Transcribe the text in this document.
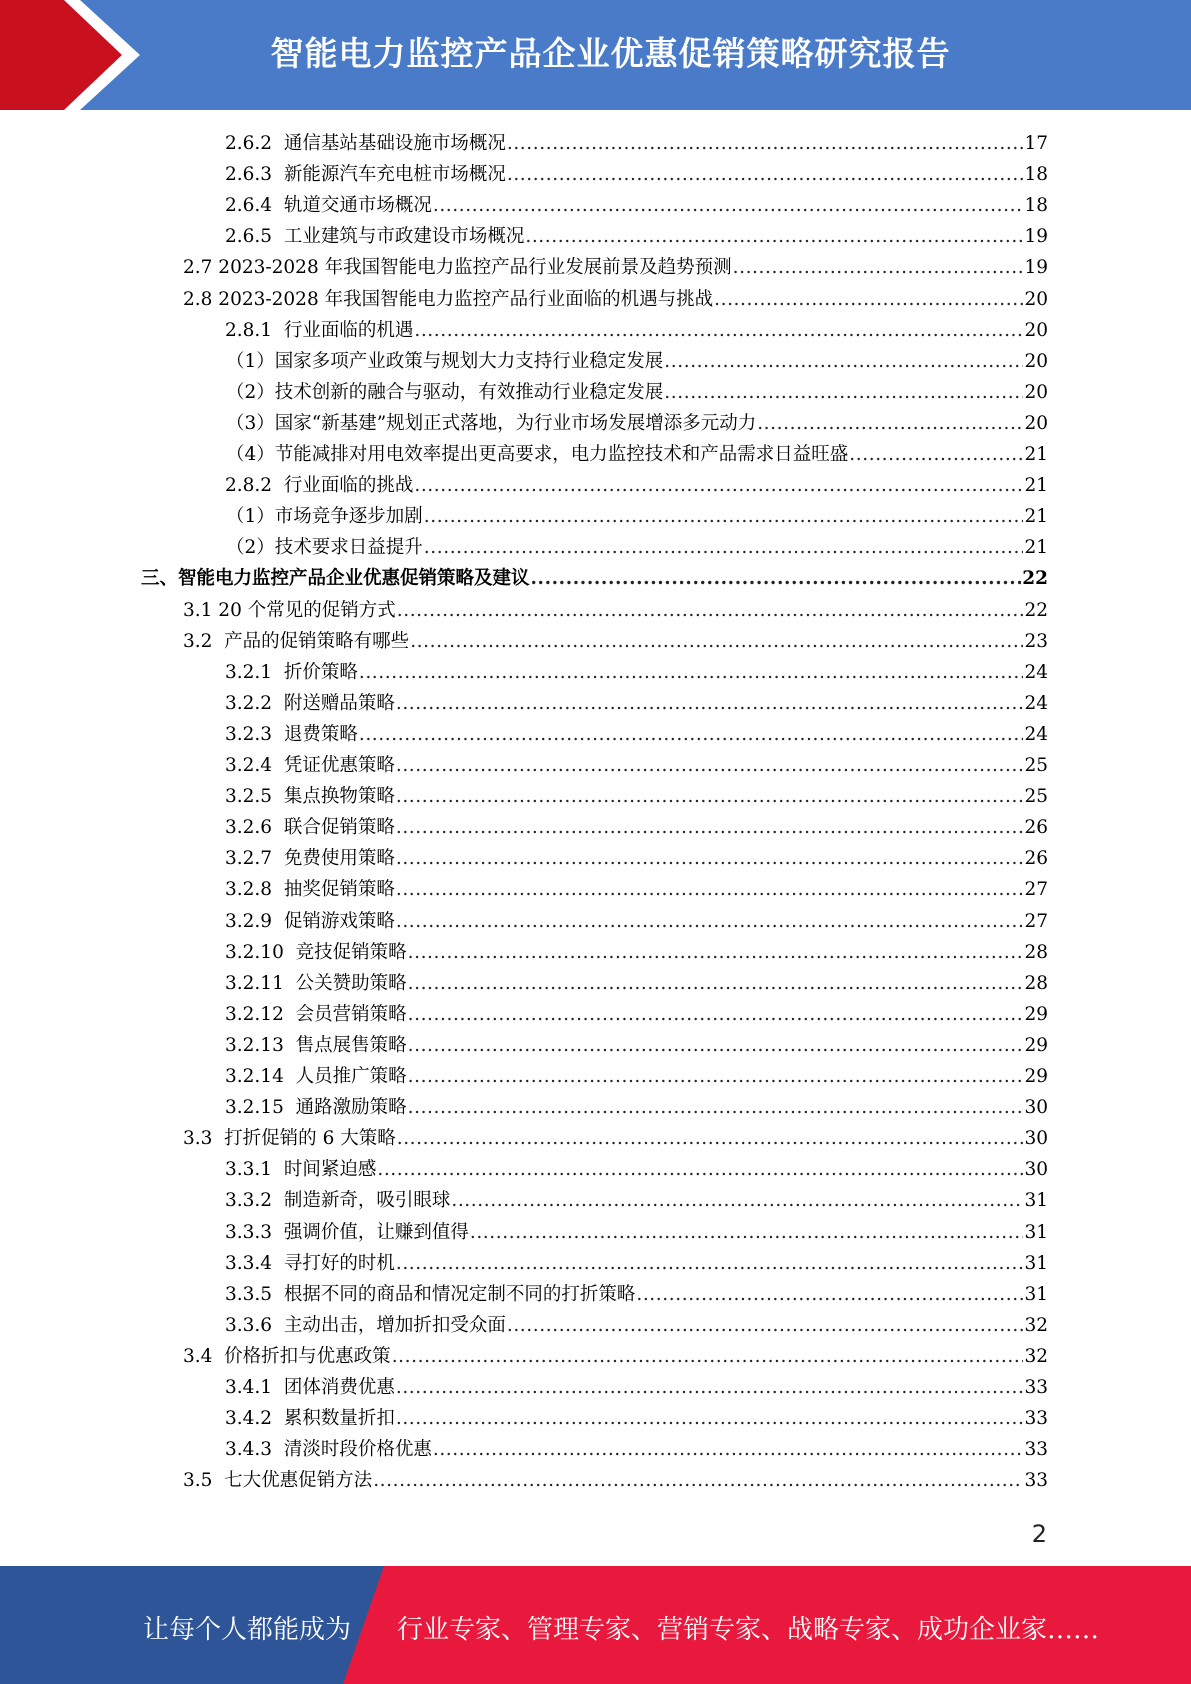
智能电力监控产品企业优惠促销策略研究报告
2.6.2  通信基站基础设施市场概况 .....	17
2.6.3  新能源汽车充电桩市场概况 .....	18
2.6.4  轨道交通市场概况 .....	18
2.6.5  工业建筑与市政建设市场概况 .....	19
2.7 2023-2028 年我国智能电力监控产品行业发展前景及趋势预测 .....	19
2.8 2023-2028 年我国智能电力监控产品行业面临的机遇与挑战 .....	20
2.8.1  行业面临的机遇 .....	20
（1）国家多项产业政策与规划大力支持行业稳定发展 .....	20
（2）技术创新的融合与驱动，有效推动行业稳定发展 .....	20
（3）国家“新基建”规划正式落地，为行业市场发展增添多元动力 .....	20
（4）节能减排对用电效率提出更高要求，电力监控技术和产品需求日益旺盛 .....	21
2.8.2  行业面临的挑战 .....	21
（1）市场竞争逐步加剧 .....	21
（2）技术要求日益提升 .....	21
三、智能电力监控产品企业优惠促销策略及建议 .....	22
3.1 20 个常见的促销方式 .....	22
3.2  产品的促销策略有哪些 .....	23
3.2.1  折价策略 .....	24
3.2.2  附送赠品策略 .....	24
3.2.3  退费策略 .....	24
3.2.4  凭证优惠策略 .....	25
3.2.5  集点换物策略 .....	25
3.2.6  联合促销策略 .....	26
3.2.7  免费使用策略 .....	26
3.2.8  抽奖促销策略 .....	27
3.2.9  促销游戏策略 .....	27
3.2.10  竞技促销策略 .....	28
3.2.11  公关赞助策略 .....	28
3.2.12  会员营销策略 .....	29
3.2.13  售点展售策略 .....	29
3.2.14  人员推广策略 .....	29
3.2.15  通路激励策略 .....	30
3.3  打折促销的 6 大策略 .....	30
3.3.1  时间紧迫感 .....	30
3.3.2  制造新奇，吸引眼球 .....	31
3.3.3  强调价值，让赚到值得 .....	31
3.3.4  寻打好的时机 .....	31
3.3.5  根据不同的商品和情况定制不同的打折策略 .....	31
3.3.6  主动出击，增加折扣受众面 .....	32
3.4  价格折扣与优惠政策 .....	32
3.4.1  团体消费优惠 .....	33
3.4.2  累积数量折扣 .....	33
3.4.3  清淡时段价格优惠 .....	33
3.5  七大优惠促销方法 .....	33
2
让每个人都能成为 行业专家、管理专家、营销专家、战略专家、成功企业家……
